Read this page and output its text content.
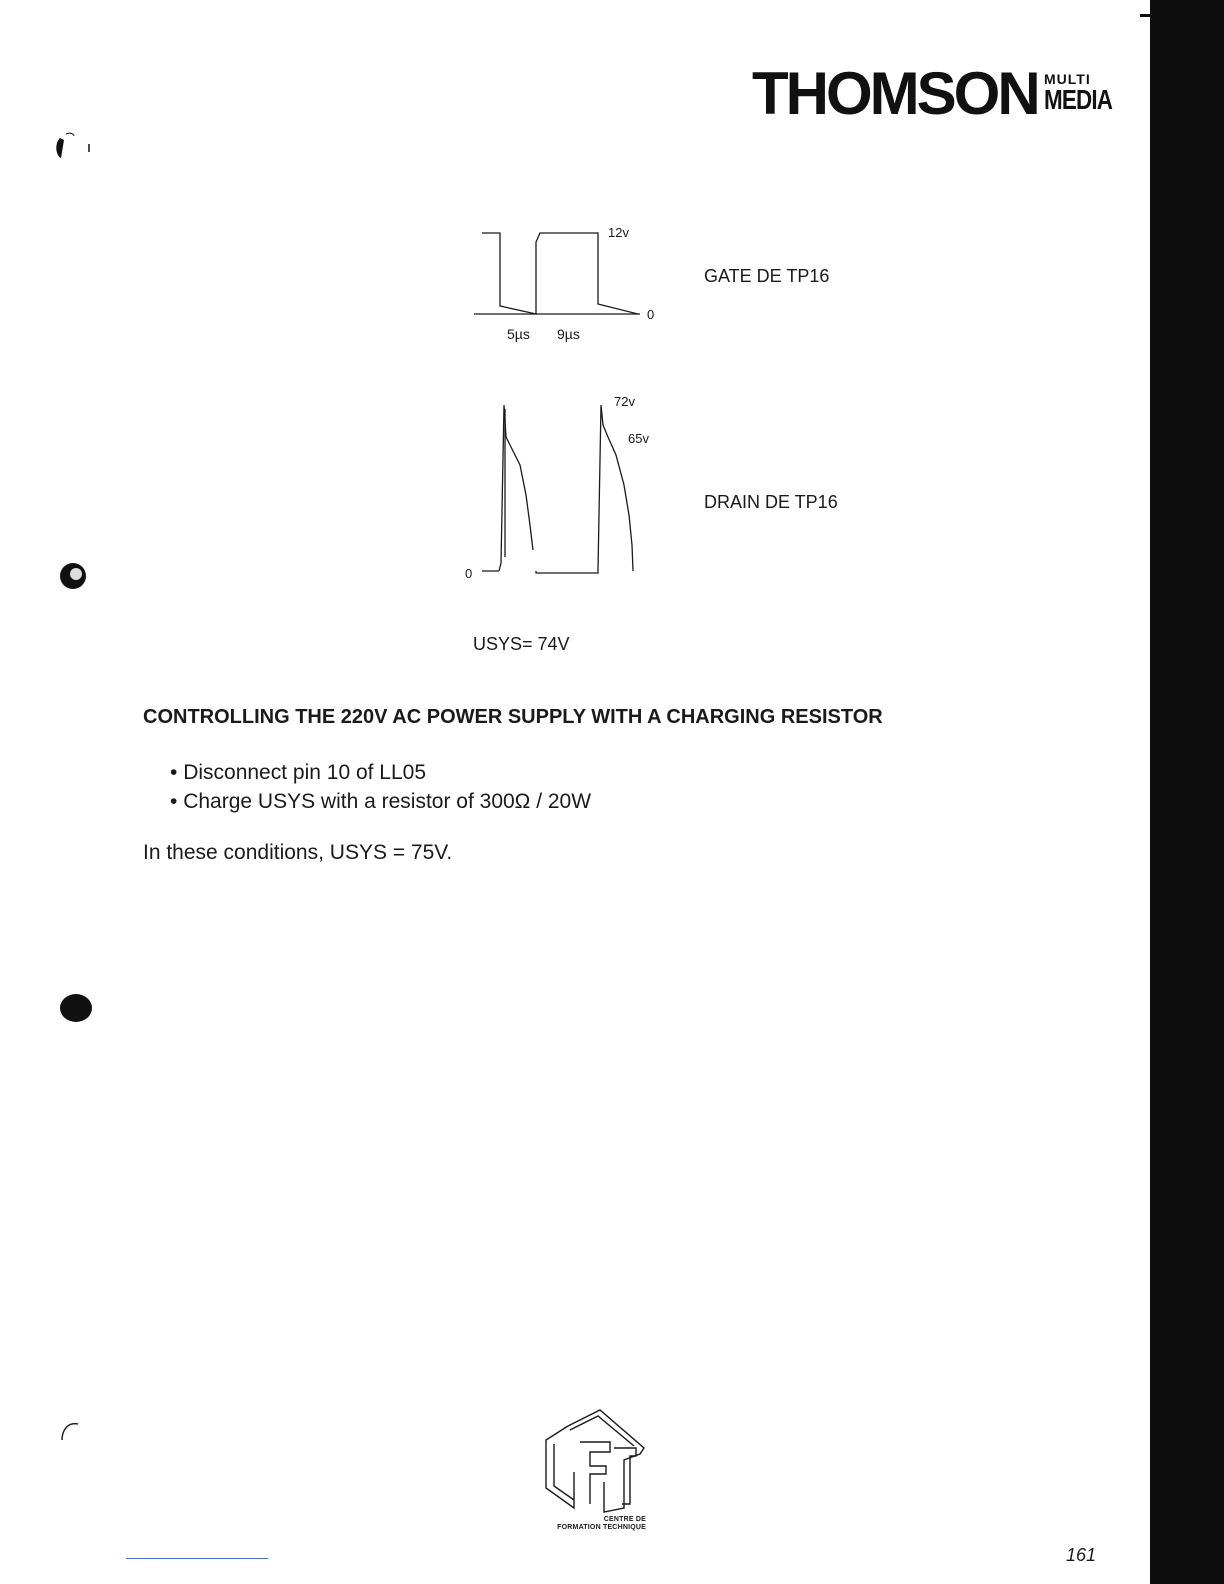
THOMSON MULTI
MEDIA
12v
0
5µs 9µs
GATE DE TP16
72v
65v
0
DRAIN DE TP16
USYS= 74V
CONTROLLING THE 220V AC POWER SUPPLY WITH A CHARGING RESISTOR
• Disconnect pin 10 of LL05
• Charge USYS with a resistor of 300Ω / 20W
In these conditions, USYS = 75V.
CENTRE DE
FORMATION TECHNIQUE
161
